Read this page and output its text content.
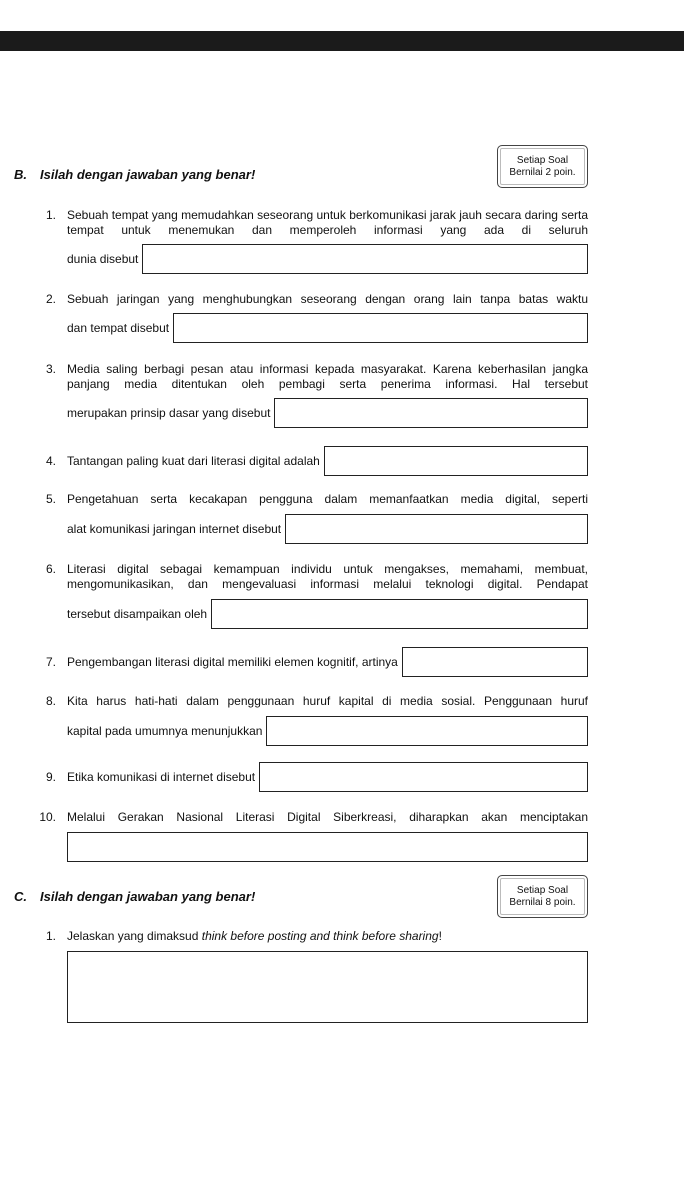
B. Isilah dengan jawaban yang benar!
Setiap Soal
Bernilai 2 poin.
1. Sebuah tempat yang memudahkan seseorang untuk berkomunikasi jarak jauh secara daring serta tempat untuk menemukan dan memperoleh informasi yang ada di seluruh
dunia disebut
2. Sebuah jaringan yang menghubungkan seseorang dengan orang lain tanpa batas waktu
dan tempat disebut
3. Media saling berbagi pesan atau informasi kepada masyarakat. Karena keberhasilan jangka panjang media ditentukan oleh pembagi serta penerima informasi. Hal tersebut
merupakan prinsip dasar yang disebut
4. Tantangan paling kuat dari literasi digital adalah
5. Pengetahuan serta kecakapan pengguna dalam memanfaatkan media digital, seperti
alat komunikasi jaringan internet disebut
6. Literasi digital sebagai kemampuan individu untuk mengakses, memahami, membuat, mengomunikasikan, dan mengevaluasi informasi melalui teknologi digital. Pendapat
tersebut disampaikan oleh
7. Pengembangan literasi digital memiliki elemen kognitif, artinya
8. Kita harus hati-hati dalam penggunaan huruf kapital di media sosial. Penggunaan huruf
kapital pada umumnya menunjukkan
9. Etika komunikasi di internet disebut
10. Melalui Gerakan Nasional Literasi Digital Siberkreasi, diharapkan akan menciptakan
C. Isilah dengan jawaban yang benar!	Setiap Soal
Bernilai 8 poin.
1. Jelaskan yang dimaksud think before posting and think before sharing!
